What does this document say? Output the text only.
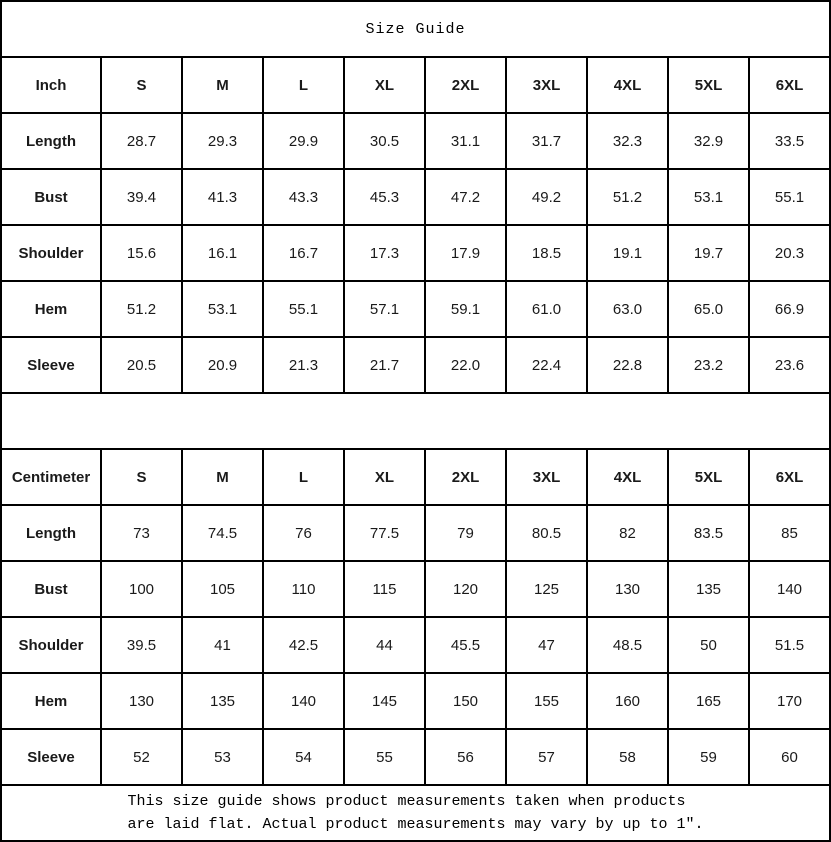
Size Guide									
Inch	S	M	L	XL	2XL	3XL	4XL	5XL	6XL
Length	28.7	29.3	29.9	30.5	31.1	31.7	32.3	32.9	33.5
Bust	39.4	41.3	43.3	45.3	47.2	49.2	51.2	53.1	55.1
Shoulder	15.6	16.1	16.7	17.3	17.9	18.5	19.1	19.7	20.3
Hem	51.2	53.1	55.1	57.1	59.1	61.0	63.0	65.0	66.9
Sleeve	20.5	20.9	21.3	21.7	22.0	22.4	22.8	23.2	23.6

Centimeter	S	M	L	XL	2XL	3XL	4XL	5XL	6XL
Length	73	74.5	76	77.5	79	80.5	82	83.5	85
Bust	100	105	110	115	120	125	130	135	140
Shoulder	39.5	41	42.5	44	45.5	47	48.5	50	51.5
Hem	130	135	140	145	150	155	160	165	170
Sleeve	52	53	54	55	56	57	58	59	60

This size guide shows product measurements taken when products
are laid flat. Actual product measurements may vary by up to 1″.									
